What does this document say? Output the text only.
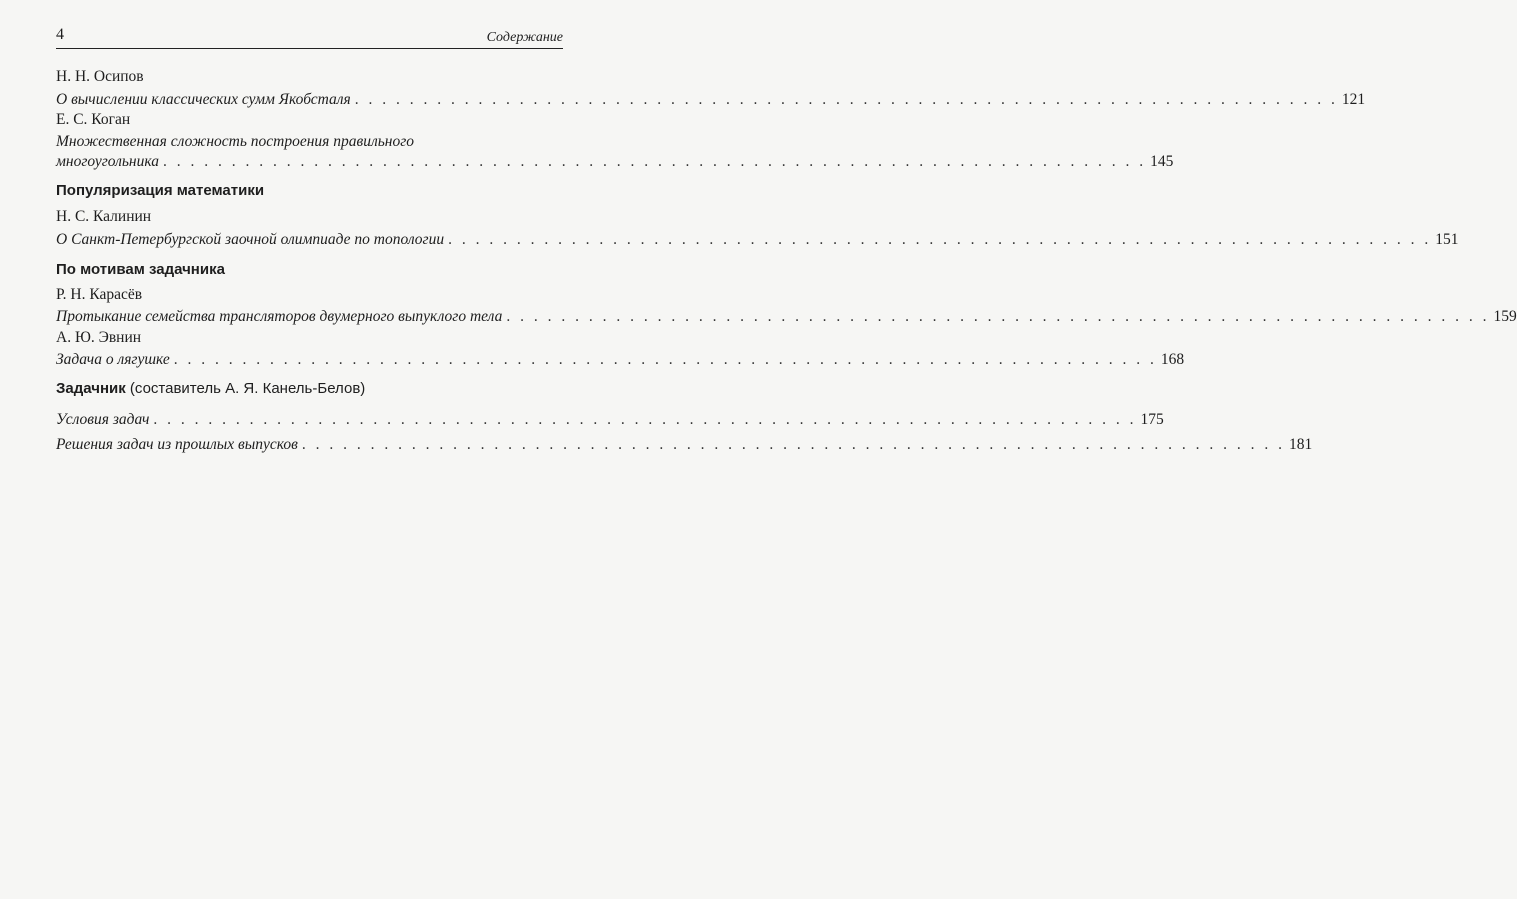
4	Содержание
Н. Н. Осипов
О вычислении классических сумм Якобсталя . . . . . . . . . . . . . . . . . . . . . . . . . . . . . . . . . . . . . . . . . . . . . . . . . . . . . . . . . . . . . . . . . . . . . . . . 121
Е. С. Коган
Множественная сложность построения правильного
многоугольника . . . . . . . . . . . . . . . . . . . . . . . . . . . . . . . . . . . . . . . . . . . . . . . . . . . . . . . . . . . . . . . . . . . . . . . . 145
Популяризация математики
Н. С. Калинин
О Санкт-Петербургской заочной олимпиаде по топологии . . . . . . . . . . . . . . . . . . . . . . . . . . . . . . . . . . . . . . . . . . . . . . . . . . . . . . . . . . . . . . . . . . . . . . . . 151
По мотивам задачника
Р. Н. Карасёв
Протыкание семейства трансляторов двумерного выпуклого тела . . . . . . . . . . . . . . . . . . . . . . . . . . . . . . . . . . . . . . . . . . . . . . . . . . . . . . . . . . . . . . . . . . . . . . . . 159
А. Ю. Эвнин
Задача о лягушке . . . . . . . . . . . . . . . . . . . . . . . . . . . . . . . . . . . . . . . . . . . . . . . . . . . . . . . . . . . . . . . . . . . . . . . . 168
Задачник (составитель А. Я. Канель-Белов)
Условия задач . . . . . . . . . . . . . . . . . . . . . . . . . . . . . . . . . . . . . . . . . . . . . . . . . . . . . . . . . . . . . . . . . . . . . . . . 175
Решения задач из прошлых выпусков . . . . . . . . . . . . . . . . . . . . . . . . . . . . . . . . . . . . . . . . . . . . . . . . . . . . . . . . . . . . . . . . . . . . . . . . 181
